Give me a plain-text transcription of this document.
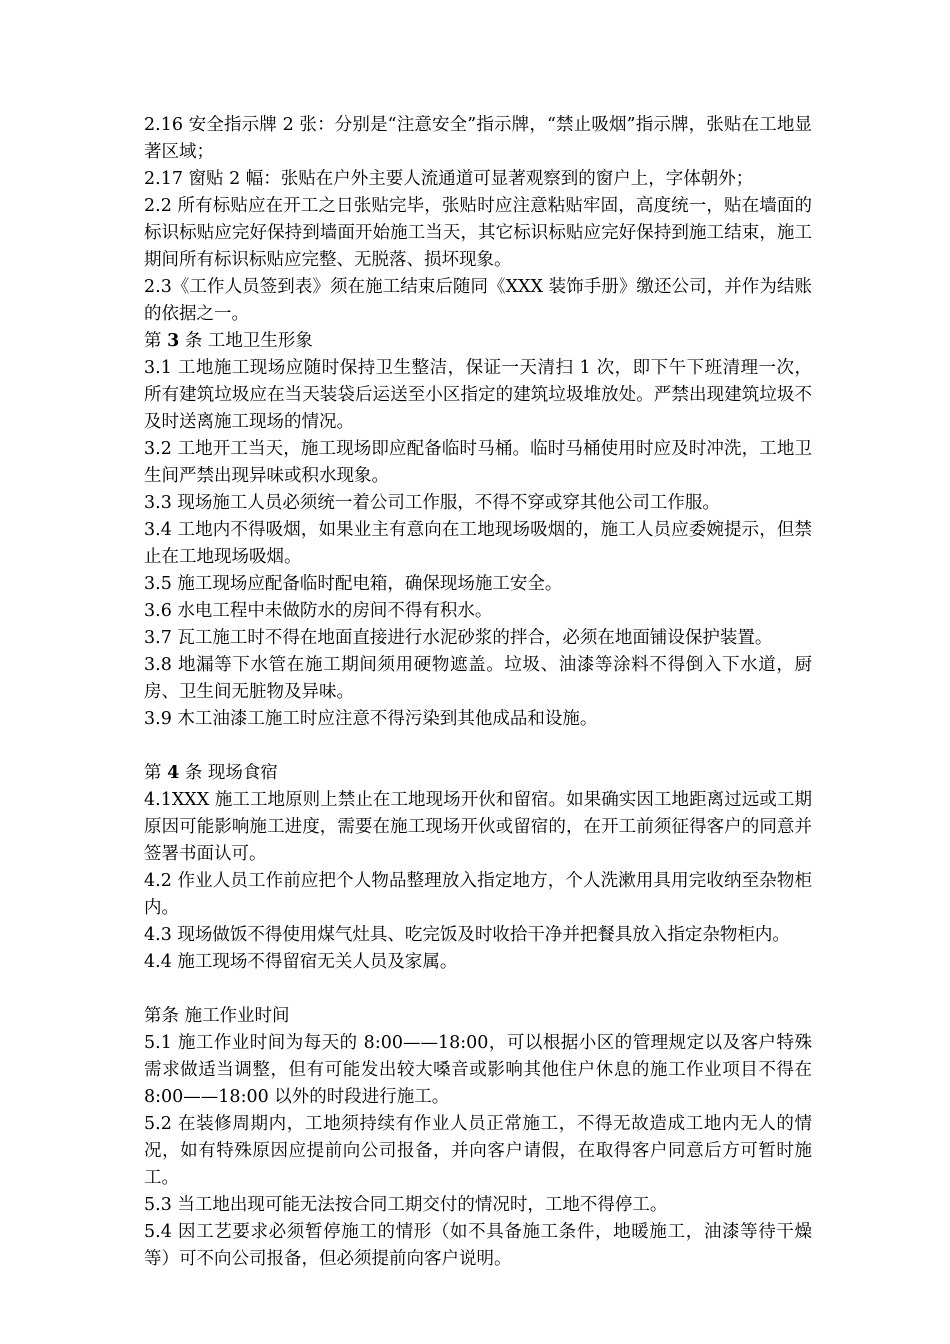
2.16 安全指示牌 2 张：分别是“注意安全”指示牌，“禁止吸烟”指示牌，张贴在工地显著区域；

2.17 窗贴 2 幅：张贴在户外主要人流通道可显著观察到的窗户上，字体朝外；

2.2 所有标贴应在开工之日张贴完毕，张贴时应注意粘贴牢固，高度统一，贴在墙面的标识标贴应完好保持到墙面开始施工当天，其它标识标贴应完好保持到施工结束，施工期间所有标识标贴应完整、无脱落、损坏现象。

2.3《工作人员签到表》须在施工结束后随同《XXX 装饰手册》缴还公司，并作为结账的依据之一。

第 3 条 工地卫生形象

3.1 工地施工现场应随时保持卫生整洁，保证一天清扫 1 次，即下午下班清理一次，所有建筑垃圾应在当天装袋后运送至小区指定的建筑垃圾堆放处。严禁出现建筑垃圾不及时送离施工现场的情况。

3.2 工地开工当天，施工现场即应配备临时马桶。临时马桶使用时应及时冲洗，工地卫生间严禁出现异味或积水现象。

3.3 现场施工人员必须统一着公司工作服，不得不穿或穿其他公司工作服。

3.4 工地内不得吸烟，如果业主有意向在工地现场吸烟的，施工人员应委婉提示，但禁止在工地现场吸烟。

3.5 施工现场应配备临时配电箱，确保现场施工安全。

3.6 水电工程中未做防水的房间不得有积水。

3.7 瓦工施工时不得在地面直接进行水泥砂浆的拌合，必须在地面铺设保护装置。

3.8 地漏等下水管在施工期间须用硬物遮盖。垃圾、油漆等涂料不得倒入下水道，厨房、卫生间无脏物及异味。

3.9 木工油漆工施工时应注意不得污染到其他成品和设施。

第 4 条 现场食宿

4.1XXX 施工工地原则上禁止在工地现场开伙和留宿。如果确实因工地距离过远或工期原因可能影响施工进度，需要在施工现场开伙或留宿的，在开工前须征得客户的同意并签署书面认可。

4.2 作业人员工作前应把个人物品整理放入指定地方，个人洗漱用具用完收纳至杂物柜内。

4.3 现场做饭不得使用煤气灶具、吃完饭及时收拾干净并把餐具放入指定杂物柜内。

4.4 施工现场不得留宿无关人员及家属。

第条 施工作业时间

5.1 施工作业时间为每天的 8:00——18:00，可以根据小区的管理规定以及客户特殊需求做适当调整，但有可能发出较大嗓音或影响其他住户休息的施工作业项目不得在 8:00——18:00 以外的时段进行施工。

5.2 在装修周期内，工地须持续有作业人员正常施工，不得无故造成工地内无人的情况，如有特殊原因应提前向公司报备，并向客户请假，在取得客户同意后方可暂时施工。

5.3 当工地出现可能无法按合同工期交付的情况时，工地不得停工。

5.4 因工艺要求必须暂停施工的情形（如不具备施工条件，地暖施工，油漆等待干燥等）可不向公司报备，但必须提前向客户说明。
